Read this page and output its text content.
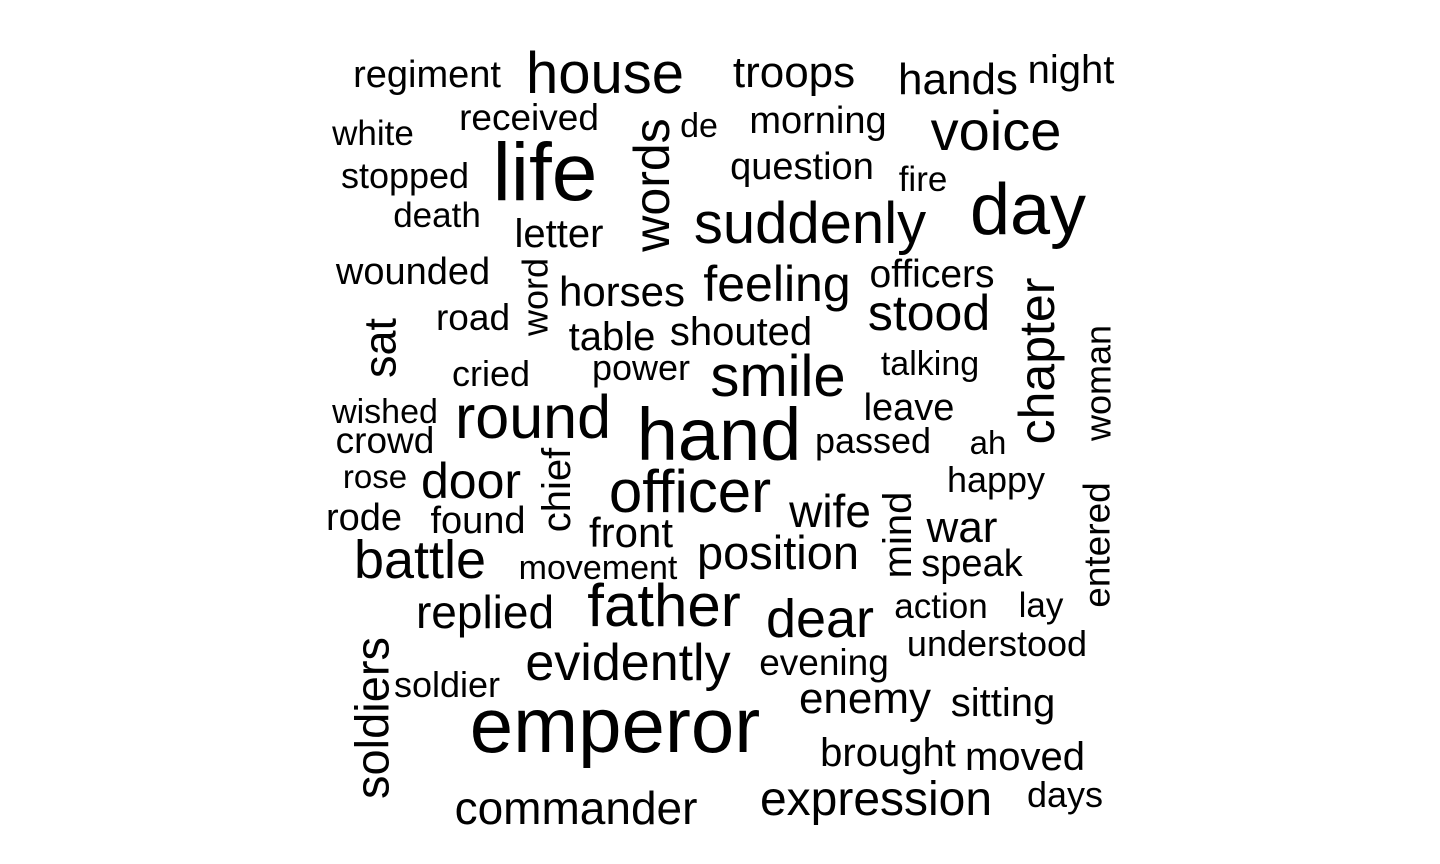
regiment house troops hands night
received de morning
white	voice
life words
stopped	question fire day
death	suddenly
letter
wounded word horses feeling officers
chapter
road
sat
stood
table shouted	woman
talking
power smile
cried
wished round	leave
hand
crowd	passed ah
chief
rose door	happy
officer
mind
wife	entered
rode found	war
front
battle	position speak
movement
replied father dear action lay
soldiers	understood
evidently evening
soldier	enemy sitting
emperor brought moved
expression days
commander
